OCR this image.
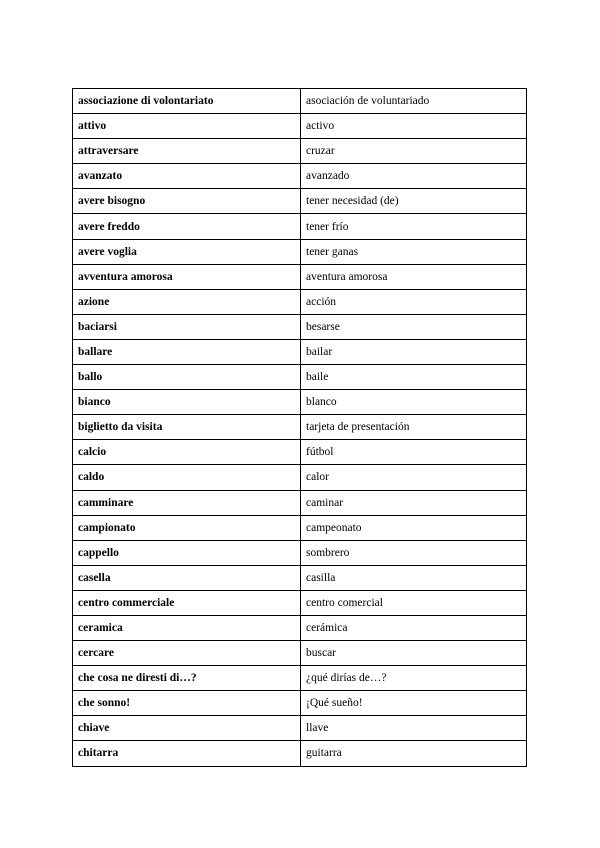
associazione di volontariato	asociación de voluntariado
attivo	activo
attraversare	cruzar
avanzato	avanzado
avere bisogno	tener necesidad (de)
avere freddo	tener frío
avere voglia	tener ganas
avventura amorosa	aventura amorosa
azione	acción
baciarsi	besarse
ballare	bailar
ballo	baile
bianco	blanco
biglietto da visita	tarjeta de presentación
calcio	fútbol
caldo	calor
camminare	caminar
campionato	campeonato
cappello	sombrero
casella	casilla
centro commerciale	centro comercial
ceramica	cerámica
cercare	buscar
che cosa ne diresti di…?	¿qué dirías de…?
che sonno!	¡Qué sueño!
chiave	llave
chitarra	guitarra
